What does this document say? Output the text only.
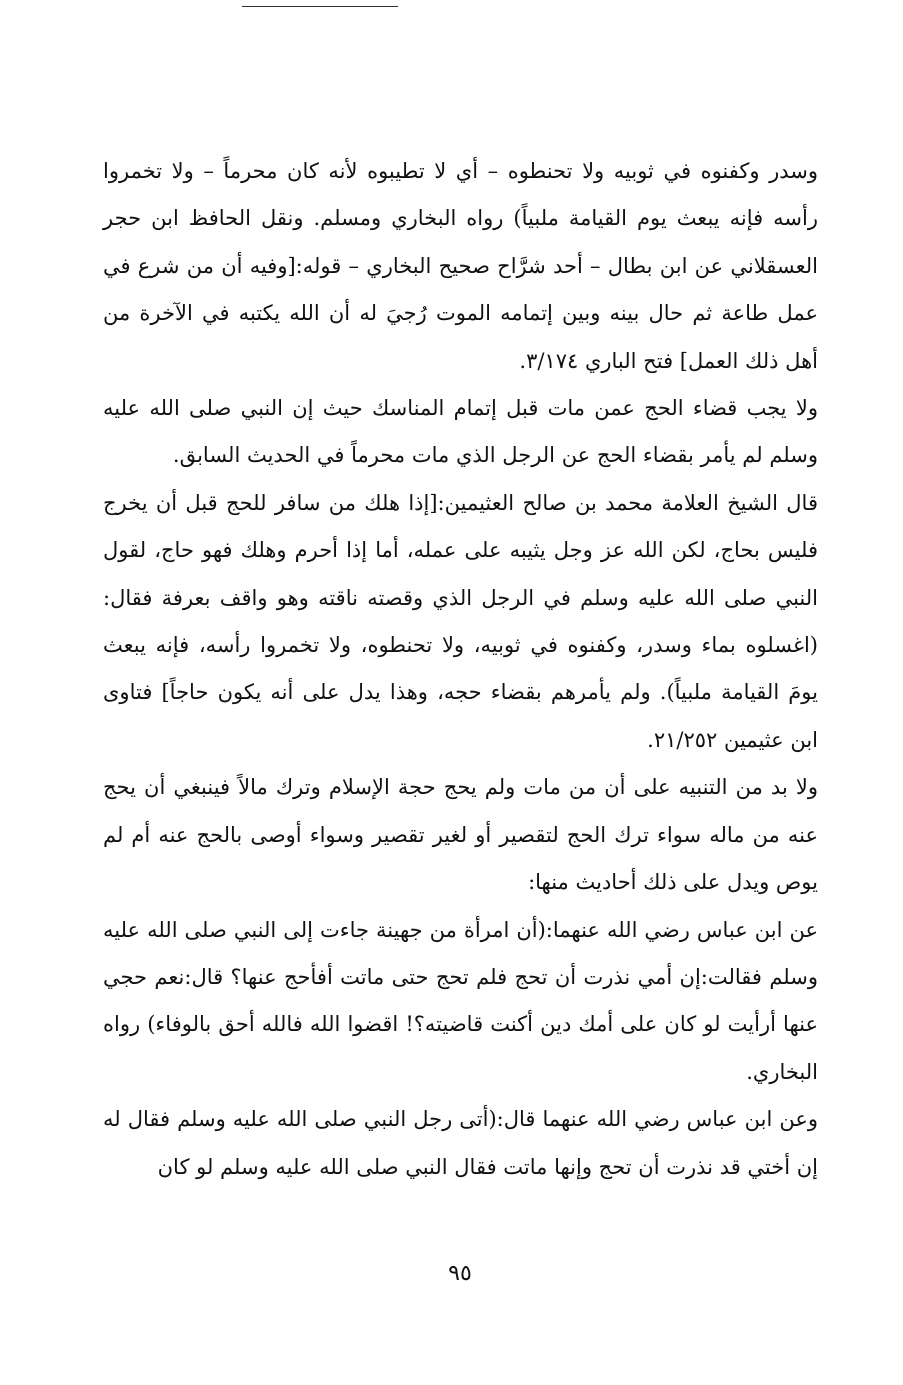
وسدر وكفنوه في ثوبيه ولا تحنطوه – أي لا تطيبوه لأنه كان محرماً – ولا تخمروا رأسه فإنه يبعث يوم القيامة ملبياً) رواه البخاري ومسلم. ونقل الحافظ ابن حجر العسقلاني عن ابن بطال – أحد شرَّاح صحيح البخاري – قوله:[وفيه أن من شرع في عمل طاعة ثم حال بينه وبين إتمامه الموت رُجيَ له أن الله يكتبه في الآخرة من أهل ذلك العمل] فتح الباري ٣/١٧٤.

ولا يجب قضاء الحج عمن مات قبل إتمام المناسك حيث إن النبي صلى الله عليه وسلم لم يأمر بقضاء الحج عن الرجل الذي مات محرماً في الحديث السابق.

قال الشيخ العلامة محمد بن صالح العثيمين:[إذا هلك من سافر للحج قبل أن يخرج فليس بحاج، لكن الله عز وجل يثيبه على عمله، أما إذا أحرم وهلك فهو حاج، لقول النبي صلى الله عليه وسلم في الرجل الذي وقصته ناقته وهو واقف بعرفة فقال:(اغسلوه بماء وسدر، وكفنوه في ثوبيه، ولا تحنطوه، ولا تخمروا رأسه، فإنه يبعث يومَ القيامة ملبياً). ولم يأمرهم بقضاء حجه، وهذا يدل على أنه يكون حاجاً] فتاوى ابن عثيمين ٢١/٢٥٢.

ولا بد من التنبيه على أن من مات ولم يحج حجة الإسلام وترك مالاً فينبغي أن يحج عنه من ماله سواء ترك الحج لتقصير أو لغير تقصير وسواء أوصى بالحج عنه أم لم يوص ويدل على ذلك أحاديث منها:

عن ابن عباس رضي الله عنهما:(أن امرأة من جهينة جاءت إلى النبي صلى الله عليه وسلم فقالت:إن أمي نذرت أن تحج فلم تحج حتى ماتت أفأحج عنها؟ قال:نعم حجي عنها أرأيت لو كان على أمك دين أكنت قاضيته؟! اقضوا الله فالله أحق بالوفاء) رواه البخاري.

وعن ابن عباس رضي الله عنهما قال:(أتى رجل النبي صلى الله عليه وسلم فقال له إن أختي قد نذرت أن تحج وإنها ماتت فقال النبي صلى الله عليه وسلم لو كان

٩٥
